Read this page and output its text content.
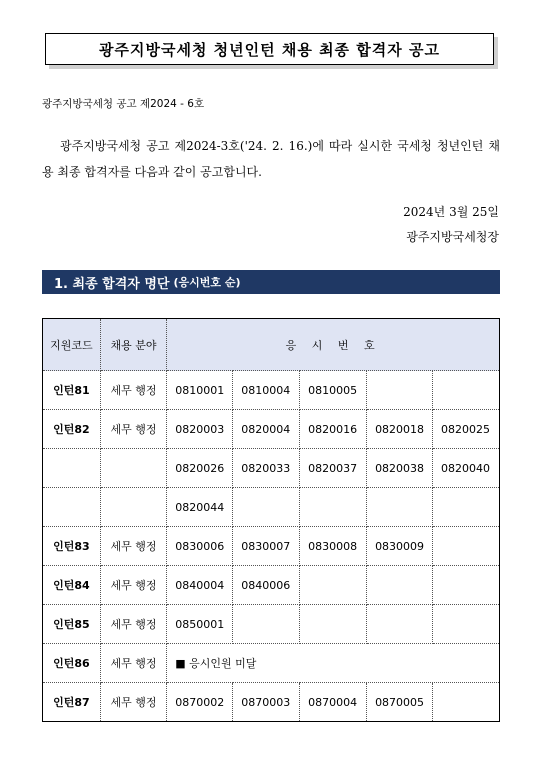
광주지방국세청 청년인턴 채용 최종 합격자 공고
광주지방국세청 공고 제2024 - 6호
광주지방국세청 공고 제2024-3호('24. 2. 16.)에 따라 실시한 국세청 청년인턴 채용 최종 합격자를 다음과 같이 공고합니다.
2024년 3월 25일
광주지방국세청장
1. 최종 합격자 명단 (응시번호 순)
지원코드	채용 분야	응 시 번 호				
인턴81	세무 행정	0810001	0810004	0810005		
인턴82	세무 행정	0820003	0820004	0820016	0820018	0820025
		0820026	0820033	0820037	0820038	0820040
		0820044				
인턴83	세무 행정	0830006	0830007	0830008	0830009	
인턴84	세무 행정	0840004	0840006			
인턴85	세무 행정	0850001				
인턴86	세무 행정	■ 응시인원 미달				
인턴87	세무 행정	0870002	0870003	0870004	0870005	
